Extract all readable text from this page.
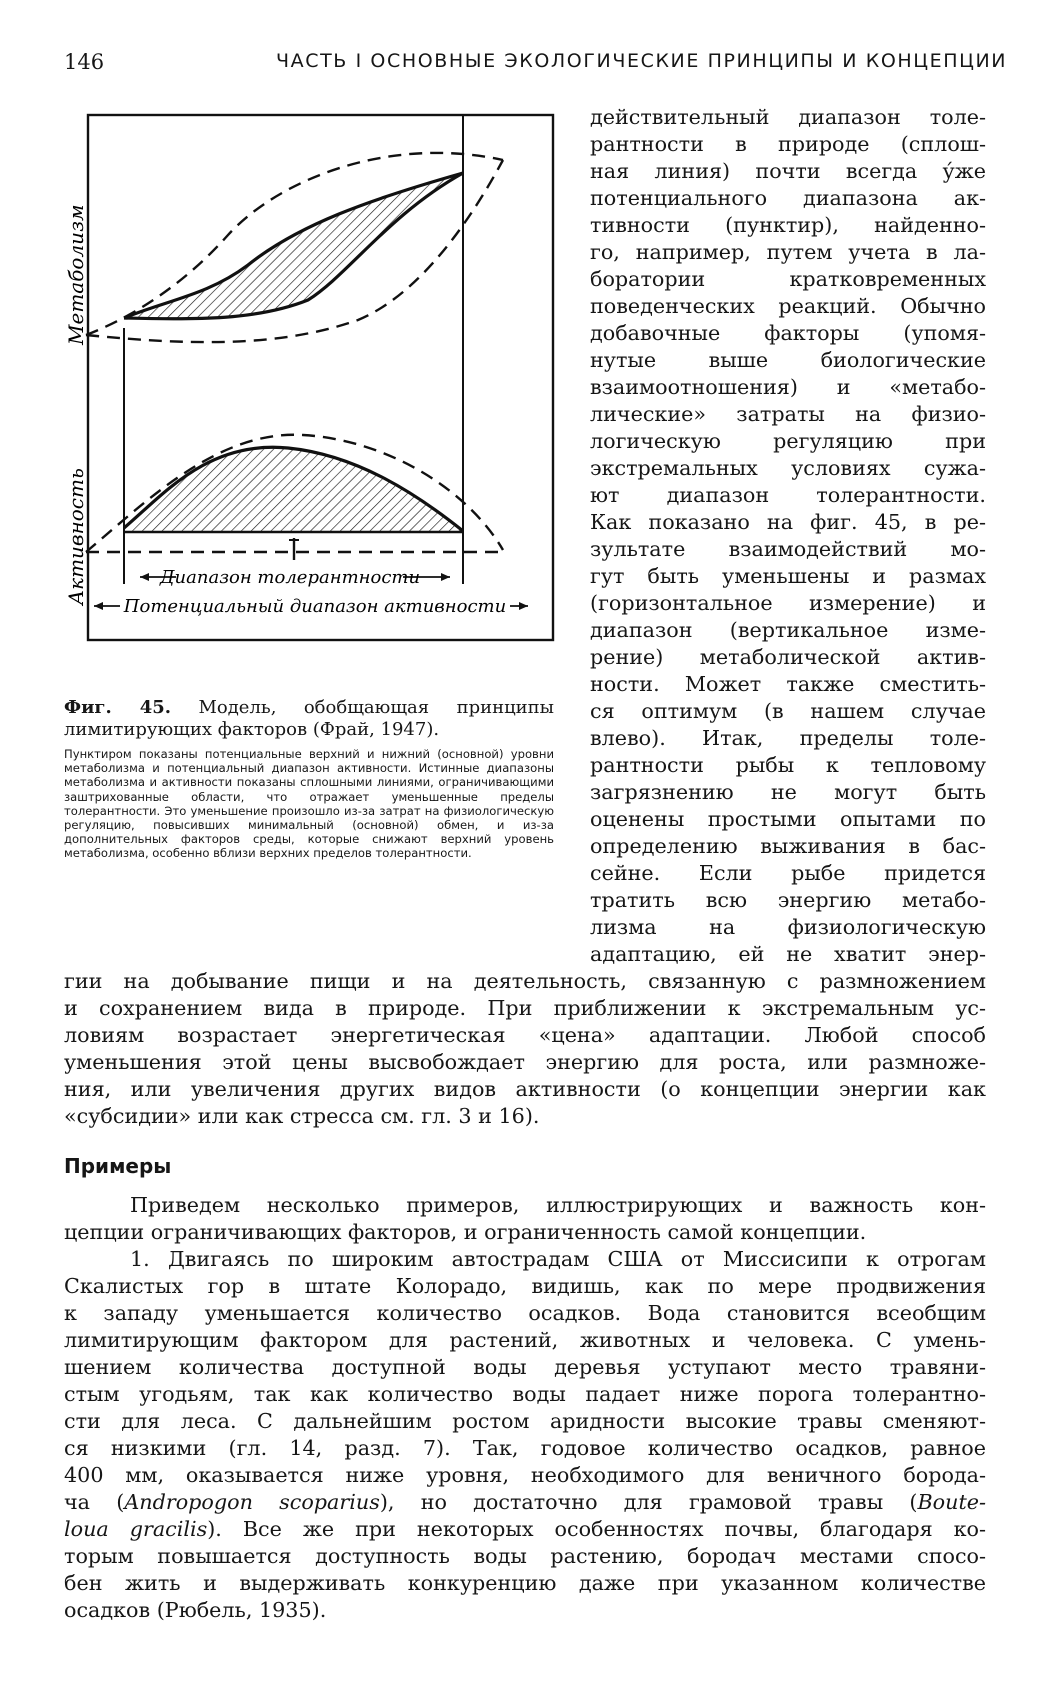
146	ЧАСТЬ I ОСНОВНЫЕ ЭКОЛОГИЧЕСКИЕ ПРИНЦИПЫ И КОНЦЕПЦИИ
Метаболизм
Активность	Диапазон толерантности
Потенциальный диапазон активности

Фиг. 45. Модель, обобщающая принципы лимитирующих факторов (Фрай, 1947).

Пунктиром показаны потенциальные верхний и нижний (основной) уровни метаболизма и потенциальный диапазон активности. Истинные диапазоны метаболизма и активности показаны сплошными линиями, ограничивающими заштрихованные области, что отражает уменьшенные пределы толерантности. Это уменьшение произошло из-за затрат на физиологическую регуляцию, повысивших минимальный (основной) обмен, и из-за дополнительных факторов среды, которые снижают верхний уровень метаболизма, особенно вблизи верхних пределов толерантности.

действительный диапазон толе-
рантности в природе (сплош-
ная линия) почти всегда у́же
потенциального диапазона ак-
тивности (пунктир), найденно-
го, например, путем учета в ла-
боратории кратковременных
поведенческих реакций. Обычно
добавочные факторы (упомя-
нутые выше биологические
взаимоотношения) и «метабо-
лические» затраты на физио-
логическую регуляцию при
экстремальных условиях сужа-
ют диапазон толерантности.
Как показано на фиг. 45, в ре-
зультате взаимодействий мо-
гут быть уменьшены и размах
(горизонтальное измерение) и
диапазон (вертикальное изме-
рение) метаболической актив-
ности. Может также сместить-
ся оптимум (в нашем случае
влево). Итак, пределы толе-
рантности рыбы к тепловому
загрязнению не могут быть
оценены простыми опытами по
определению выживания в бас-
сейне. Если рыбе придется
тратить всю энергию метабо-
лизма на физиологическую
адаптацию, ей не хватит энер-
гии на добывание пищи и на деятельность, связанную с размножением
и сохранением вида в природе. При приближении к экстремальным ус-
ловиям возрастает энергетическая «цена» адаптации. Любой способ
уменьшения этой цены высвобождает энергию для роста, или размноже-
ния, или увеличения других видов активности (о концепции энергии как
«субсидии» или как стресса см. гл. 3 и 16).
Примеры
Приведем несколько примеров, иллюстрирующих и важность кон-
цепции ограничивающих факторов, и ограниченность самой концепции.
1. Двигаясь по широким автострадам США от Миссисипи к отрогам
Скалистых гор в штате Колорадо, видишь, как по мере продвижения
к западу уменьшается количество осадков. Вода становится всеобщим
лимитирующим фактором для растений, животных и человека. С умень-
шением количества доступной воды деревья уступают место травяни-
стым угодьям, так как количество воды падает ниже порога толерантно-
сти для леса. С дальнейшим ростом аридности высокие травы сменяют-
ся низкими (гл. 14, разд. 7). Так, годовое количество осадков, равное
400 мм, оказывается ниже уровня, необходимого для веничного борода-
ча (Andropogon scoparius), но достаточно для грамовой травы (Boute-
loua gracilis). Все же при некоторых особенностях почвы, благодаря ко-
торым повышается доступность воды растению, бородач местами спосо-
бен жить и выдерживать конкуренцию даже при указанном количестве
осадков (Рюбель, 1935).
